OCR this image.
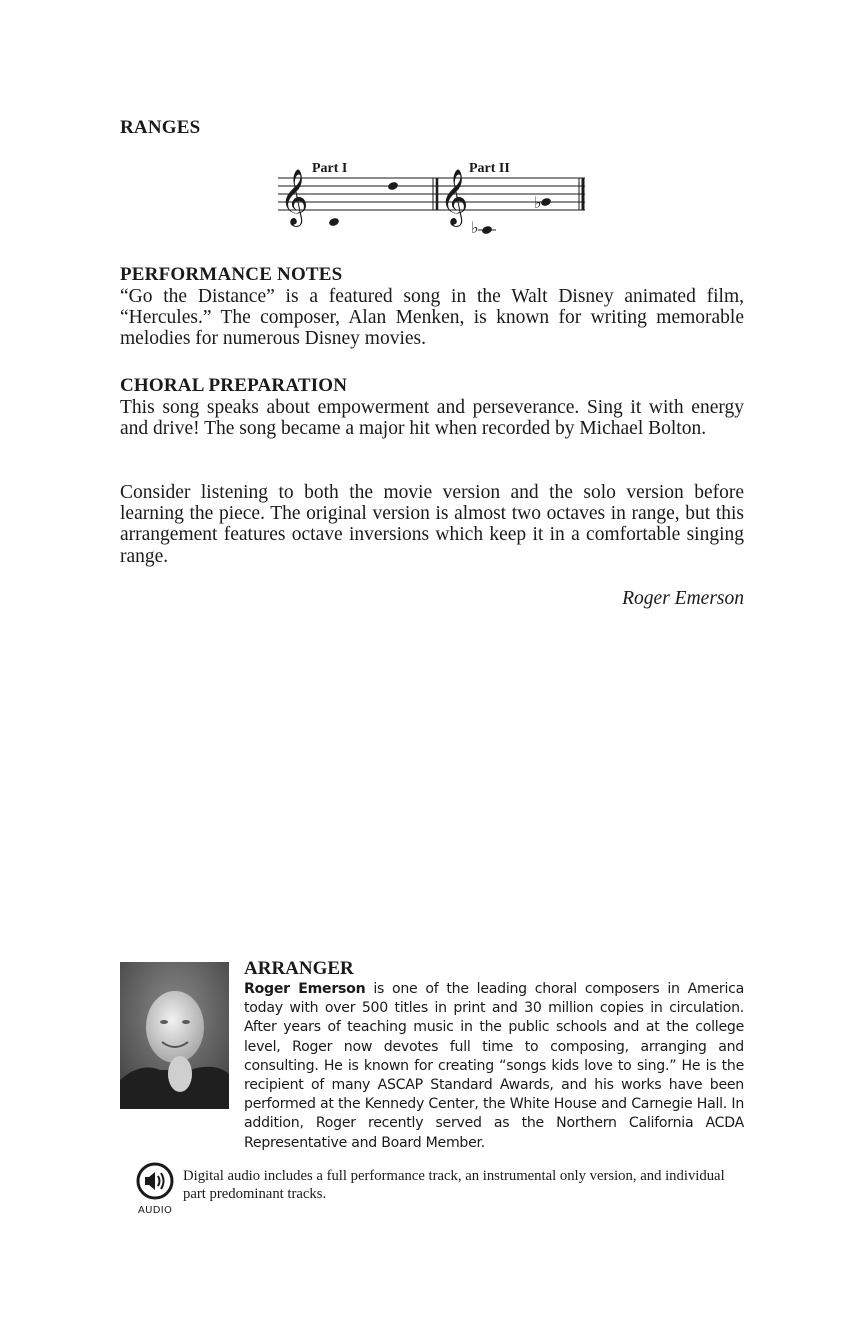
RANGES
Part I	Part II
𝄞	𝄞
♭
♭
PERFORMANCE NOTES
“Go the Distance” is a featured song in the Walt Disney animated film, “Hercules.” The composer, Alan Menken, is known for writing memorable melodies for numerous Disney movies.
CHORAL PREPARATION
This song speaks about empowerment and perseverance. Sing it with energy and drive! The song became a major hit when recorded by Michael Bolton.
Consider listening to both the movie version and the solo version before learning the piece. The original version is almost two octaves in range, but this arrangement features octave inversions which keep it in a comfortable singing range.
Roger Emerson
ARRANGER
Roger Emerson is one of the leading choral composers in America today with over 500 titles in print and 30 million copies in circulation. After years of teaching music in the public schools and at the college level, Roger now devotes full time to composing, arranging and consulting. He is known for creating “songs kids love to sing.” He is the recipient of many ASCAP Standard Awards, and his works have been performed at the Kennedy Center, the White House and Carnegie Hall. In addition, Roger recently served as the Northern California ACDA Representative and Board Member.
AUDIO
Digital audio includes a full performance track, an instrumental only version, and individual part predominant tracks.
